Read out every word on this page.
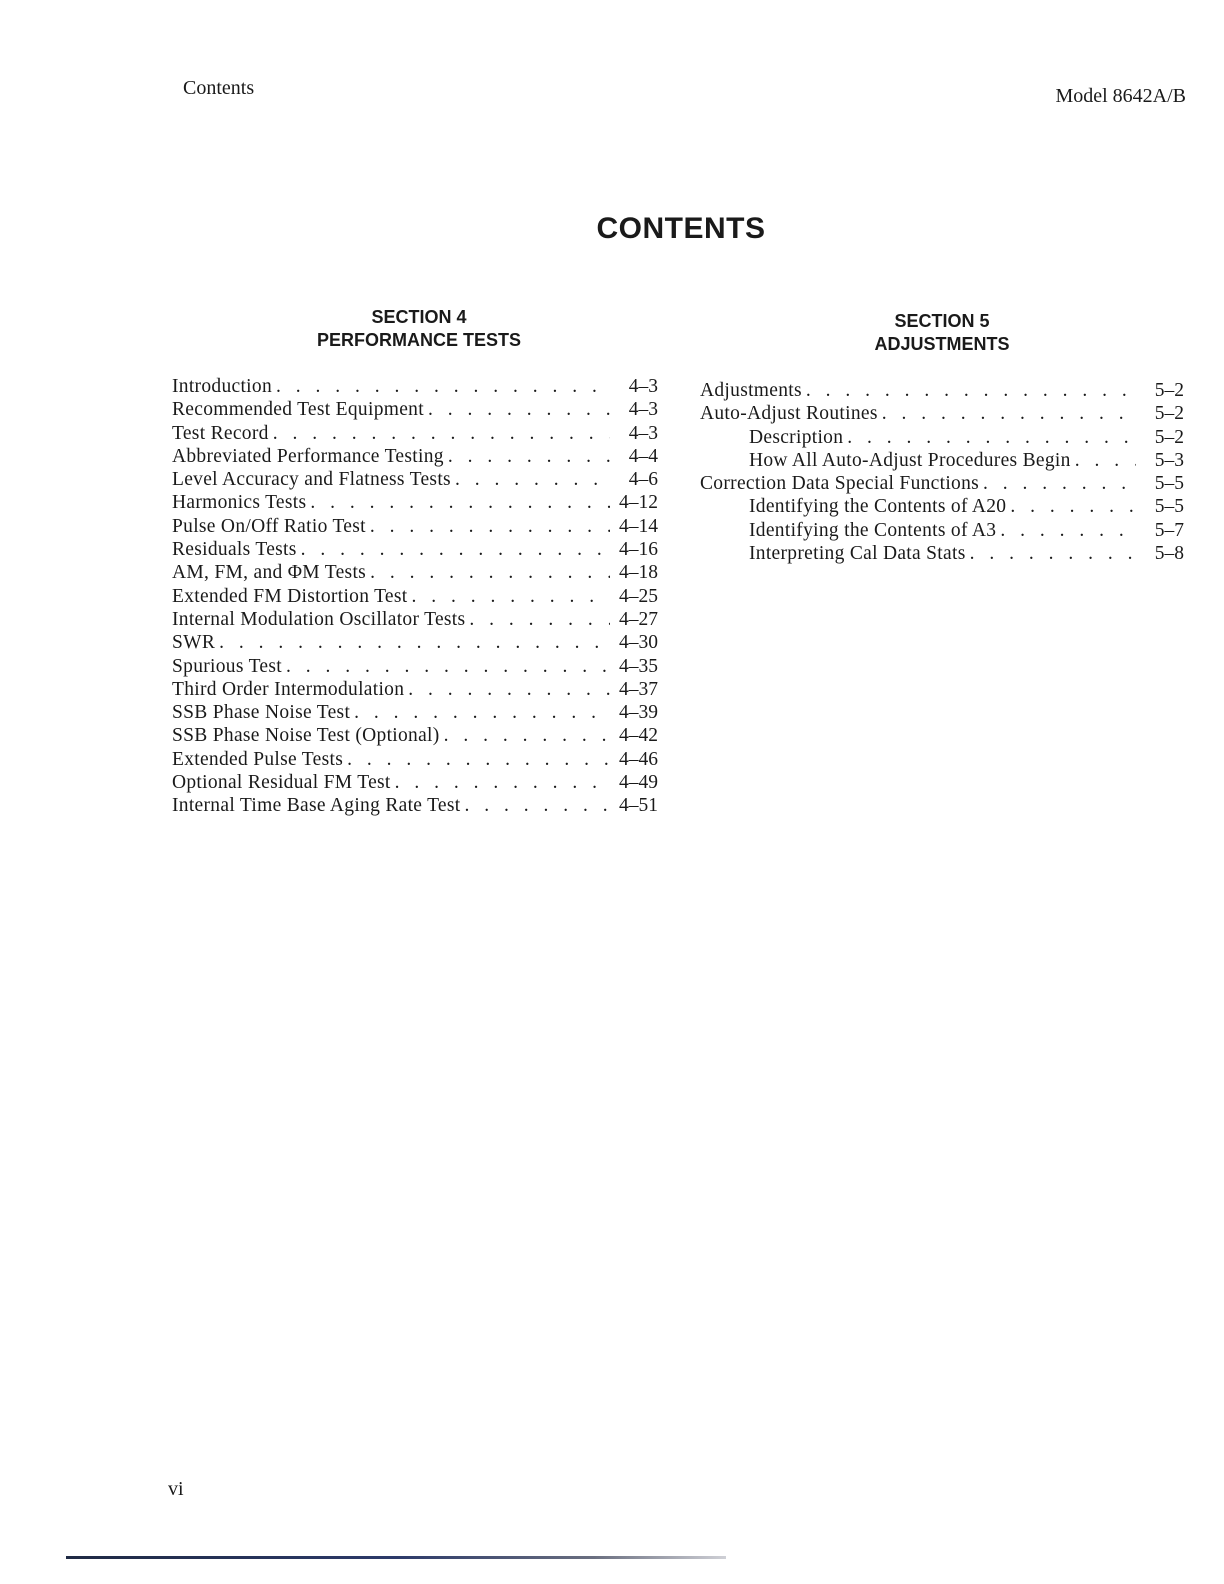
Contents	Model 8642A/B
CONTENTS
SECTION 4
PERFORMANCE TESTS
Introduction . . .	4–3
Recommended Test Equipment . . .	4–3
Test Record . . .	4–3
Abbreviated Performance Testing . . .	4–4
Level Accuracy and Flatness Tests . . .	4–6
Harmonics Tests . . .	4–12
Pulse On/Off Ratio Test . . .	4–14
Residuals Tests . . .	4–16
AM, FM, and ΦM Tests . . .	4–18
Extended FM Distortion Test . . .	4–25
Internal Modulation Oscillator Tests . . .	4–27
SWR . . .	4–30
Spurious Test . . .	4–35
Third Order Intermodulation . . .	4–37
SSB Phase Noise Test . . .	4–39
SSB Phase Noise Test (Optional) . . .	4–42
Extended Pulse Tests . . .	4–46
Optional Residual FM Test . . .	4–49
Internal Time Base Aging Rate Test . . .	4–51
SECTION 5
ADJUSTMENTS
Adjustments . . .	5–2
Auto-Adjust Routines . . .	5–2
Description . . .	5–2
How All Auto-Adjust Procedures Begin . . .	5–3
Correction Data Special Functions . . .	5–5
Identifying the Contents of A20 . . .	5–5
Identifying the Contents of A3 . . .	5–7
Interpreting Cal Data Stats . . .	5–8
vi
